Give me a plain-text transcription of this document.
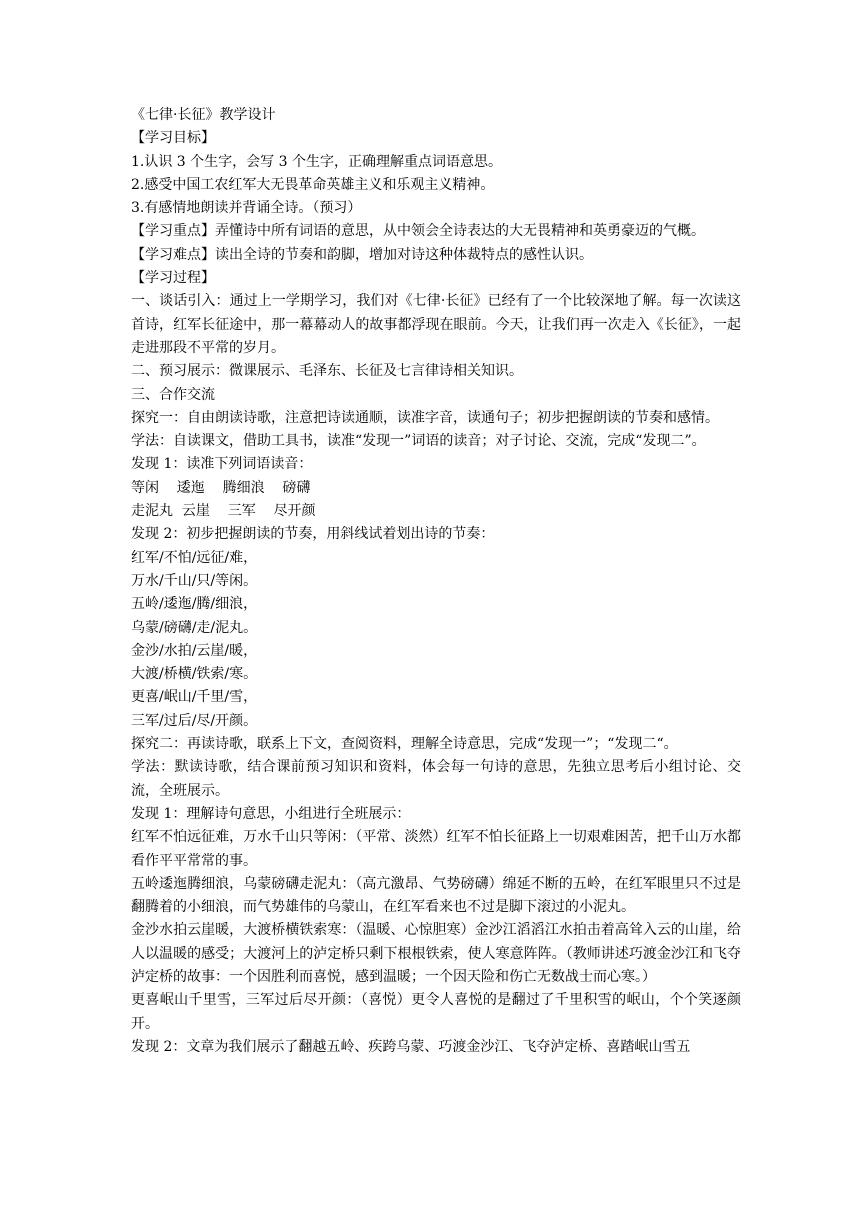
《七律·长征》教学设计

【学习目标】

1.认识 3 个生字，会写 3 个生字，正确理解重点词语意思。

2.感受中国工农红军大无畏革命英雄主义和乐观主义精神。

3.有感情地朗读并背诵全诗。（预习）

【学习重点】弄懂诗中所有词语的意思，从中领会全诗表达的大无畏精神和英勇豪迈的气概。

【学习难点】读出全诗的节奏和韵脚，增加对诗这种体裁特点的感性认识。

【学习过程】

一、谈话引入：通过上一学期学习，我们对《七律·长征》已经有了一个比较深地了解。每一次读这首诗，红军长征途中，那一幕幕动人的故事都浮现在眼前。今天，让我们再一次走入《长征》，一起走进那段不平常的岁月。

二、预习展示：微课展示、毛泽东、长征及七言律诗相关知识。

三、合作交流

探究一：自由朗读诗歌，注意把诗读通顺，读准字音，读通句子；初步把握朗读的节奏和感情。

学法：自读课文，借助工具书，读准“发现一”词语的读音；对子讨论、交流，完成“发现二”。

发现 1：读准下列词语读音：

等闲    逶迤    腾细浪    磅礴

走泥丸  云崖    三军    尽开颜

发现 2：初步把握朗读的节奏，用斜线试着划出诗的节奏：

红军/不怕/远征/难，

万水/千山/只/等闲。

五岭/逶迤/腾/细浪，

乌蒙/磅礴/走/泥丸。

金沙/水拍/云崖/暖，

大渡/桥横/铁索/寒。

更喜/岷山/千里/雪，

三军/过后/尽/开颜。

探究二：再读诗歌，联系上下文，查阅资料，理解全诗意思，完成“发现一”；“发现二“。

学法：默读诗歌，结合课前预习知识和资料，体会每一句诗的意思，先独立思考后小组讨论、交流，全班展示。

发现 1：理解诗句意思，小组进行全班展示：

红军不怕远征难，万水千山只等闲：（平常、淡然）红军不怕长征路上一切艰难困苦，把千山万水都看作平平常常的事。

五岭逶迤腾细浪，乌蒙磅礴走泥丸：（高亢激昂、气势磅礴）绵延不断的五岭，在红军眼里只不过是翻腾着的小细浪，而气势雄伟的乌蒙山，在红军看来也不过是脚下滚过的小泥丸。

金沙水拍云崖暖，大渡桥横铁索寒：（温暖、心惊胆寒）金沙江滔滔江水拍击着高耸入云的山崖，给人以温暖的感受；大渡河上的泸定桥只剩下根根铁索，使人寒意阵阵。（教师讲述巧渡金沙江和飞夺泸定桥的故事：一个因胜利而喜悦，感到温暖；一个因天险和伤亡无数战士而心寒。）

更喜岷山千里雪，三军过后尽开颜：（喜悦）更令人喜悦的是翻过了千里积雪的岷山，个个笑逐颜开。

发现 2：文章为我们展示了翻越五岭、疾跨乌蒙、巧渡金沙江、飞夺泸定桥、喜踏岷山雪五
